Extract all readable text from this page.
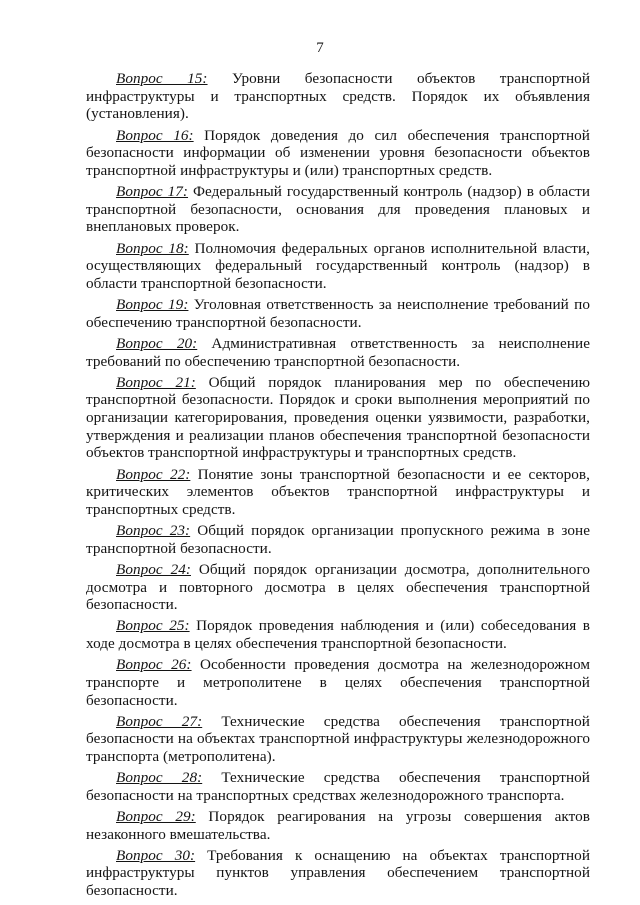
7

Вопрос 15: Уровни безопасности объектов транспортной инфраструктуры и транспортных средств. Порядок их объявления (установления).

Вопрос 16: Порядок доведения до сил обеспечения транспортной безопасности информации об изменении уровня безопасности объектов транспортной инфраструктуры и (или) транспортных средств.

Вопрос 17: Федеральный государственный контроль (надзор) в области транспортной безопасности, основания для проведения плановых и внеплановых проверок.

Вопрос 18: Полномочия федеральных органов исполнительной власти, осуществляющих федеральный государственный контроль (надзор) в области транспортной безопасности.

Вопрос 19: Уголовная ответственность за неисполнение требований по обеспечению транспортной безопасности.

Вопрос 20: Административная ответственность за неисполнение требований по обеспечению транспортной безопасности.

Вопрос 21: Общий порядок планирования мер по обеспечению транспортной безопасности. Порядок и сроки выполнения мероприятий по организации категорирования, проведения оценки уязвимости, разработки, утверждения и реализации планов обеспечения транспортной безопасности объектов транспортной инфраструктуры и транспортных средств.

Вопрос 22: Понятие зоны транспортной безопасности и ее секторов, критических элементов объектов транспортной инфраструктуры и транспортных средств.

Вопрос 23: Общий порядок организации пропускного режима в зоне транспортной безопасности.

Вопрос 24: Общий порядок организации досмотра, дополнительного досмотра и повторного досмотра в целях обеспечения транспортной безопасности.

Вопрос 25: Порядок проведения наблюдения и (или) собеседования в ходе досмотра в целях обеспечения транспортной безопасности.

Вопрос 26: Особенности проведения досмотра на железнодорожном транспорте и метрополитене в целях обеспечения транспортной безопасности.

Вопрос 27: Технические средства обеспечения транспортной безопасности на объектах транспортной инфраструктуры железнодорожного транспорта (метрополитена).

Вопрос 28: Технические средства обеспечения транспортной безопасности на транспортных средствах железнодорожного транспорта.

Вопрос 29: Порядок реагирования на угрозы совершения актов незаконного вмешательства.

Вопрос 30: Требования к оснащению на объектах транспортной инфраструктуры пунктов управления обеспечением транспортной безопасности.
